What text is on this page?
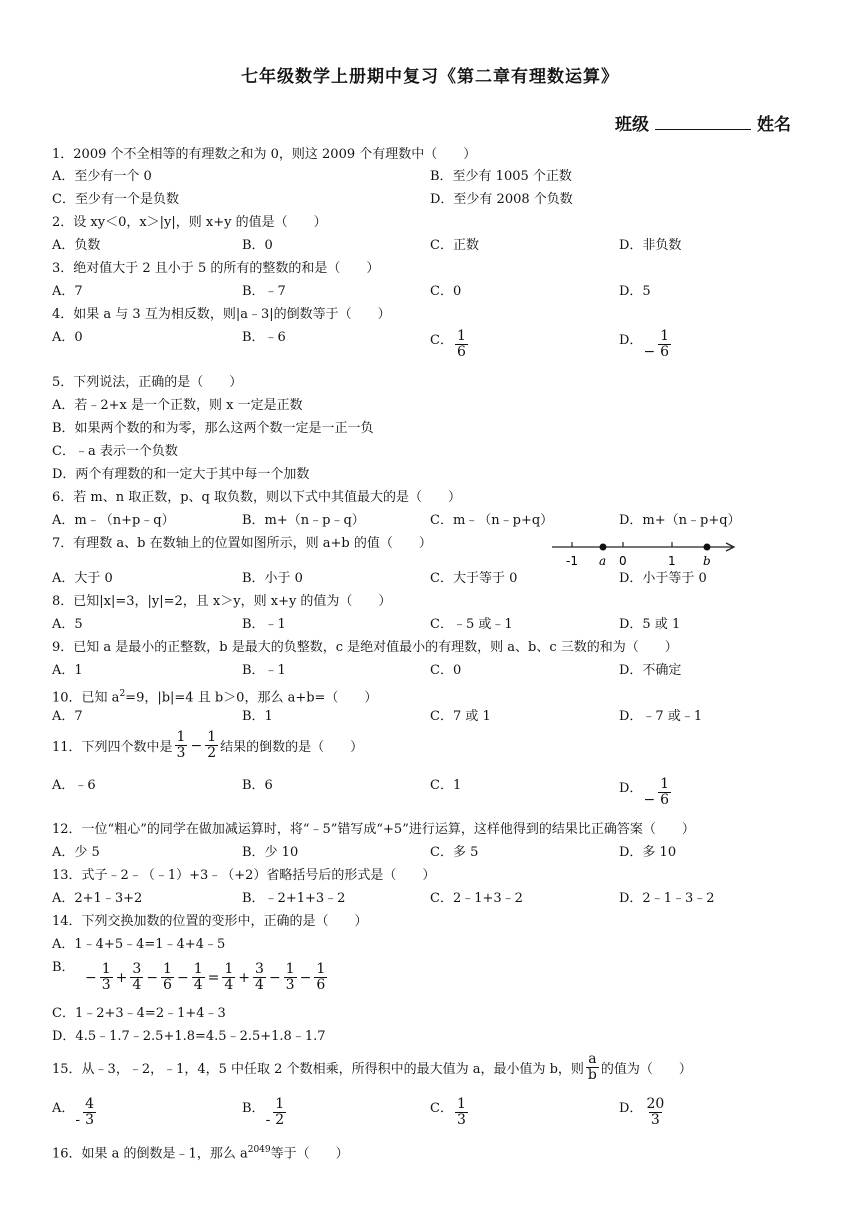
七年级数学上册期中复习《第二章有理数运算》
班级	姓名
1．2009 个不全相等的有理数之和为 0，则这 2009 个有理数中（　　）
A．至少有一个 0	B．至少有 1005 个正数
C．至少有一个是负数	D．至少有 2008 个负数
2．设 xy＜0，x＞|y|，则 x+y 的值是（　　）
A．负数	B．0	C．正数	D．非负数
3．绝对值大于 2 且小于 5 的所有的整数的和是（　　）
A．7	B．﹣7	C．0	D．5
4．如果 a 与 3 互为相反数，则|a﹣3|的倒数等于（　　）
A．0	B．﹣6	C． $\frac{1}{6}$	D．
− $\frac{1}{6}$
5．下列说法，正确的是（　　）
A．若﹣2+x 是一个正数，则 x 一定是正数
B．如果两个数的和为零，那么这两个数一定是一正一负
C．﹣a 表示一个负数
D．两个有理数的和一定大于其中每一个加数
6．若 m、n 取正数，p、q 取负数，则以下式中其值最大的是（　　）
A．m﹣（n+p﹣q）	B．m+（n﹣p﹣q）	C．m﹣（n﹣p+q）	D．m+（n﹣p+q）
7．有理数 a、b 在数轴上的位置如图所示，则 a+b 的值（　　）
-1 a 0	1 b
A．大于 0	B．小于 0	C．大于等于 0	D．小于等于 0
8．已知|x|=3，|y|=2，且 x＞y，则 x+y 的值为（　　）
A．5	B．﹣1	C．﹣5 或﹣1	D．5 或 1
9．已知 a 是最小的正整数，b 是最大的负整数，c 是绝对值最小的有理数，则 a、b、c 三数的和为（　　）
A．1	B．﹣1	C．0	D．不确定
10．已知 $a^2=9$，|b|=4 且 b＞0，那么 a+b=（　　）
A．7	B．1	C．7 或 1	D．﹣7 或﹣1
11．下列四个数中是 $\frac{1}{3} - \frac{1}{2}$ 结果的倒数的是（　　）
A．﹣6	B．6	C．1	D．
− $\frac{1}{6}$
12．一位“粗心”的同学在做加减运算时，将“﹣5”错写成“+5”进行运算，这样他得到的结果比正确答案（　　）
A．少 5	B．少 10	C．多 5	D．多 10
13．式子﹣2﹣（﹣1）+3﹣（+2）省略括号后的形式是（　　）
A．2+1﹣3+2	B．﹣2+1+3﹣2	C．2﹣1+3﹣2	D．2﹣1﹣3﹣2
14．下列交换加数的位置的变形中，正确的是（　　）
A．1﹣4+5﹣4=1﹣4+4﹣5
B．
− $\frac{1}{3} + \frac{3}{4} - \frac{1}{6} - \frac{1}{4} = \frac{1}{4} + \frac{3}{4} - \frac{1}{3} - \frac{1}{6}$
C．1﹣2+3﹣4=2﹣1+4﹣3
D．4.5﹣1.7﹣2.5+1.8=4.5﹣2.5+1.8﹣1.7
15．从﹣3，﹣2，﹣1，4，5 中任取 2 个数相乘，所得积中的最大值为 a，最小值为 b，则 $\frac{a}{b}$ 的值为（　　）
A．
- $\frac{4}{3}$	B．
- $\frac{1}{2}$	C． $\frac{1}{3}$	D． $\frac{20}{3}$
16．如果 a 的倒数是﹣1，那么 $a^{2049}$等于（　　）
